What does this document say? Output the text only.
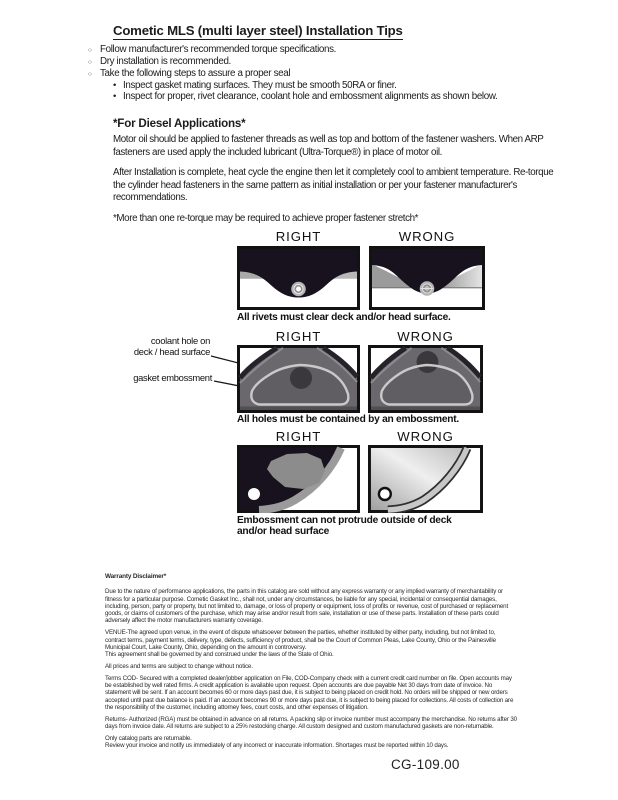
Cometic MLS (multi layer steel) Installation Tips
○ Follow manufacturer's recommended torque specifications.
○ Dry installation is recommended.
○ Take the following steps to assure a proper seal
• Inspect gasket mating surfaces. They must be smooth 50RA or finer.
• Inspect for proper, rivet clearance, coolant hole and embossment alignments as shown below.
*For Diesel Applications*
Motor oil should be applied to fastener threads as well as top and bottom of the fastener washers. When ARP fasteners are used apply the included lubricant (Ultra-Torque®) in place of motor oil.
After Installation is complete, heat cycle the engine then let it completely cool to ambient temperature. Re-torque the cylinder head fasteners in the same pattern as initial installation or per your fastener manufacturer's recommendations.
*More than one re-torque may be required to achieve proper fastener stretch*
RIGHT	WRONG
All rivets must clear deck and/or head surface.
RIGHT	WRONG
coolant hole on
deck / head surface
gasket embossment
All holes must be contained by an embossment.
RIGHT	WRONG
Embossment can not protrude outside of deck
and/or head surface

Warranty Disclaimer*

Due to the nature of performance applications, the parts in this catalog are sold without any express warranty or any implied warranty of merchantability or fitness for a particular purpose. Cometic Gasket Inc., shall not, under any circumstances, be liable for any special, incidental or consequential damages, including, person, party or property, but not limited to, damage, or loss of property or equipment, loss of profits or revenue, cost of purchased or replacement goods, or claims of customers of the purchase, which may arise and/or result from sale, installation or use of these parts. Installation of these parts could adversely affect the motor manufacturers warranty coverage.

VENUE-The agreed upon venue, in the event of dispute whatsoever between the parties, whether instituted by either party, including, but not limited to, contract terms, payment terms, delivery, type, defects, sufficiency of product, shall be the Court of Common Pleas, Lake County, Ohio or the Painesville Municipal Court, Lake County, Ohio, depending on the amount in controversy.

This agreement shall be governed by and construed under the laws of the State of Ohio.

All prices and terms are subject to change without notice.

Terms COD- Secured with a completed dealer/jobber application on File, COD-Company check with a current credit card number on file. Open accounts may be established by well rated firms. A credit application is available upon request. Open accounts are due payable Net 30 days from date of invoice. No statement will be sent. If an account becomes 60 or more days past due, it is subject to being placed on credit hold. No orders will be shipped or new orders accepted until past due balance is paid. If an account becomes 90 or more days past due, it is subject to being placed for collections. All costs of collection are the responsibility of the customer, including attorney fees, court costs, and other expenses of litigation.

Returns- Authorized (RGA) must be obtained in advance on all returns. A packing slip or invoice number must accompany the merchandise. No returns after 30 days from invoice date. All returns are subject to a 25% restocking charge. All custom designed and custom manufactured gaskets are non-returnable.

Only catalog parts are returnable.

Review your invoice and notify us immediately of any incorrect or inaccurate information. Shortages must be reported within 10 days.

CG-109.00
